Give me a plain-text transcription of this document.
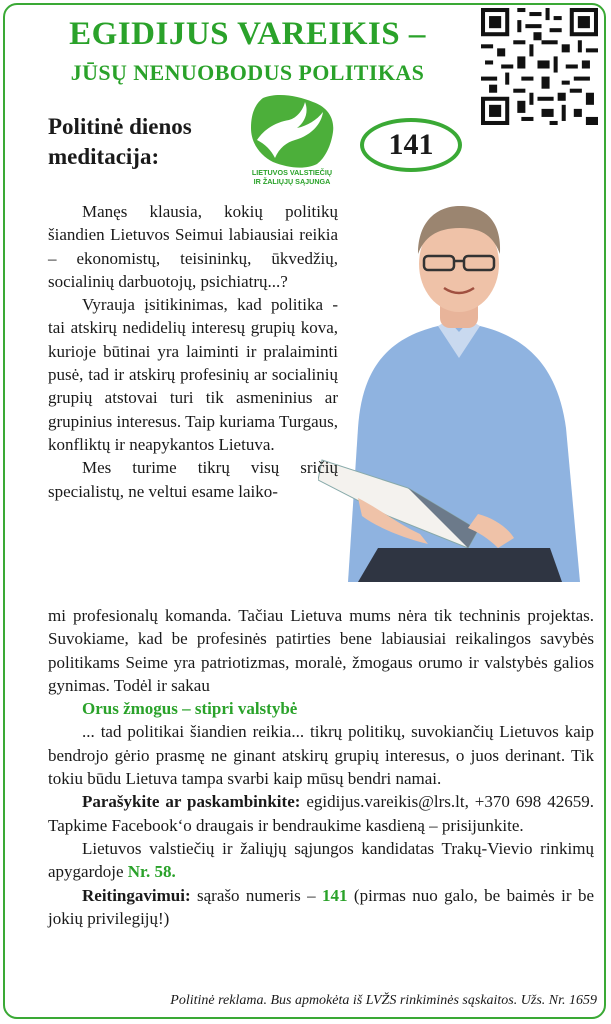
EGIDIJUS VAREIKIS –
JŪSŲ NENUOBODUS POLITIKAS
Politinė dienos
meditacija:
LIETUVOS VALSTIEČIŲ
IR ŽALIŲJŲ SĄJUNGA
141
Manęs klausia, kokių politikų šiandien Lietuvos Seimui labiausiai reikia – ekonomistų, teisininkų, ūkvedžių, socialinių darbuotojų, psichiatrų...?
Vyrauja įsitikinimas, kad politika - tai atskirų nedidelių interesų grupių kova, kurioje būtinai yra laiminti ir pralaiminti pusė, tad ir atskirų profesinių ar socialinių grupių atstovai turi tik asmeninius ar grupinius interesus. Taip kuriama Turgaus, konfliktų ir neapykantos Lietuva.
Mes turime tikrų visų sričių specialistų, ne veltui esame laiko-
mi profesionalų komanda. Tačiau Lietuva mums nėra tik techninis projektas. Suvokiame, kad be profesinės patirties bene labiausiai reikalingos savybės politikams Seime yra patriotizmas, moralė, žmogaus orumo ir valstybės galios gynimas. Todėl ir sakau
Orus žmogus – stipri valstybė
... tad politikai šiandien reikia... tikrų politikų, suvokiančių Lietuvos kaip bendrojo gėrio prasmę ne ginant atskirų grupių interesus, o juos derinant. Tik tokiu būdu Lietuva tampa svarbi kaip mūsų bendri namai.
Parašykite ar paskambinkite: egidijus.vareikis@lrs.lt, +370 698 42659. Tapkime Facebook‘o draugais ir bendraukime kasdieną – prisijunkite.
Lietuvos valstiečių ir žaliųjų sąjungos kandidatas Trakų-Vievio rinkimų apygardoje Nr. 58.
Reitingavimui: sąrašo numeris – 141 (pirmas nuo galo, be baimės ir be jokių privilegijų!)
Politinė reklama. Bus apmokėta iš LVŽS rinkiminės sąskaitos. Užs. Nr. 1659
